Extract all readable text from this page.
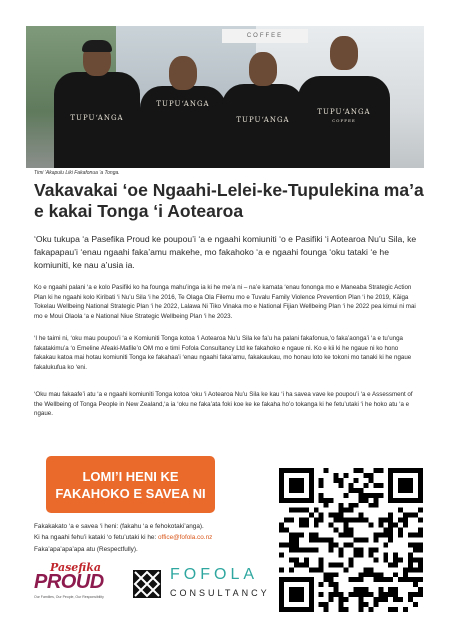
COFFEE
TUPU‘ANGA
TUPU‘ANGA
TUPU‘ANGA
TUPU‘ANGA
COFFEE
Timi ‘Akapulu Liki Fakafonua ‘a Tonga.
Vakavakai ‘oe Ngaahi-Lelei-ke-Tupulekina ma’a e kakai Tonga ‘i Aotearoa

‘Oku tukupa ‘a Pasefika Proud ke poupou’i ‘a e ngaahi komiuniti ‘o e Pasifiki ‘i Aotearoa Nu’u Sila, ke fakapapau’i ‘enau ngaahi faka’amu makehe, mo fakahoko ‘a e ngaahi founga ‘oku tataki ‘e he komiuniti, ke nau a’usia ia.

Ko e ngaahi palani ‘a e kolo Pasifiki ko ha founga mahu’inga ia ki he me’a ni – na’e kamata ‘enau fononga mo e Maneaba Strategic Action Plan ki he ngaahi kolo Kiribati ‘i Nu’u Sila ‘i he 2016, Te Olaga Ola Filemu mo e Tuvalu Family Violence Prevention Plan ‘i he 2019, Kāiga Tokelau Wellbeing National Strategic Plan ‘i he 2022, Lalawa Ni Tiko Vinaka mo e National Fijian Wellbeing Plan ‘i he 2022 pea kimui ni mai mo e Moui Olaola ‘a e National Niue Strategic Wellbeing Plan ‘i he 2023.

‘I he taimi ni, ‘oku mau poupou’i ‘a e Komiuniti Tonga kotoa ‘i Aotearoa Nu’u Sila ke fa’u ha palani fakafonua,‘o faka’aonga’i ‘a e tu’unga fakatakimu’a ‘o Emeline Afeaki-Mafile’o OM mo e timi Fofola Consultancy Ltd ke fakahoko e ngaue ni. Ko e kii ki he ngaue ni ko hono fakakau katoa mai hotau komiuniti Tonga ke fakahaa’i ‘enau ngaahi faka’amu, fakakaukau, mo honau loto ke tokoni mo tanaki ki he ngaue fakalukufua ko ‘eni.

‘Oku mau fakaafe’i atu ‘a e ngaahi komiuniti Tonga kotoa ‘oku ‘i Aotearoa Nu’u Sila ke kau ‘i ha savea vave ke poupou’i ‘a e Assessment of the Wellbeing of Tonga People in New Zealand,‘a ia ‘oku ne faka’ata foki koe ke ke fakaha ho’o tokanga ki he fetu’utaki ‘i he hoko atu ‘a e ngaue.

LOMI’I HENI KE
FAKAHOKO E SAVEA NI
Fakakakato ‘a e savea ‘i heni: (fakahu ‘a e fehokotaki’anga).
Ki ha ngaahi fehu’i kataki ‘o fetu’utaki ki he: office@fofola.co.nz
Faka’apa’apa’apa atu (Respectfully).
Pasefika
PROUD
Our Families, Our People, Our Responsibility
FOFOLA
CONSULTANCY
